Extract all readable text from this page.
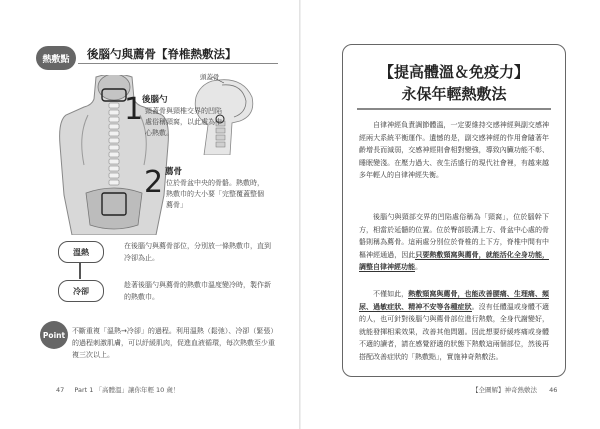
熱敷點	後腦勺與薦骨【脊椎熱敷法】
頭蓋骨
1
後腦勺
頸蓋骨與頸椎交界的凹陷處俗稱頸窩，以此處為中心熱敷。
2 薦骨
位於骨盆中央的骨骼。熱敷時，熱敷巾的大小要「完整覆蓋整個薦骨」
溫熱
在後腦勺與薦骨部位，分別放一條熱敷巾，直到冷卻為止。
冷卻
趁著後腦勺與薦骨的熱敷巾溫度變冷時，製作新的熱敷巾。
Point 不斷重複「溫熱→冷卻」的過程。利用溫熱（鬆弛）、冷卻（緊張）的過程刺激肌膚，可以紓緩肌肉，促進血液循環，每次熱敷至少重複三次以上。
47 Part 1 「高體溫」讓你年輕 10 歲！
【提高體溫＆免疫力】
永保年輕熱敷法
自律神經負責調節體溫，一定要維持交感神經與副交感神經兩大系統平衡運作。遺憾的是，副交感神經的作用會隨著年齡增長而減弱，交感神經則會相對變強，導致內臟功能不彰、睡眠變淺。在壓力過大、夜生活盛行的現代社會裡，有越來越多年輕人的自律神經失衡。
後腦勺與頸部交界的凹陷處俗稱為「頸窩」，位於腦幹下方，相當於延髓的位置。位於臀部股溝上方、骨盆中心處的骨骼則稱為薦骨。這兩處分別位於脊椎的上下方，脊椎中間有中樞神經通過，因此只要熱敷頸窩與薦骨，就能活化全身功能，調整自律神經功能。
不僅如此，熱敷頸窩與薦骨，也能改善腰痛、生理痛、頻尿、過敏症狀、精神不安等各種症狀。沒有任體溫或身體不適的人，也可針對後腦勺與薦骨部位進行熱敷，全身代謝變好，就能發揮相乘效果，改善其他問題。因此想要紓緩疼痛或身體不適的讀者，請在感覺舒適的狀態下熱敷這兩個部位，然後再搭配改善症狀的「熱敷點」，實施神奇熱敷法。
【全圖解】神奇熱敷法 46
